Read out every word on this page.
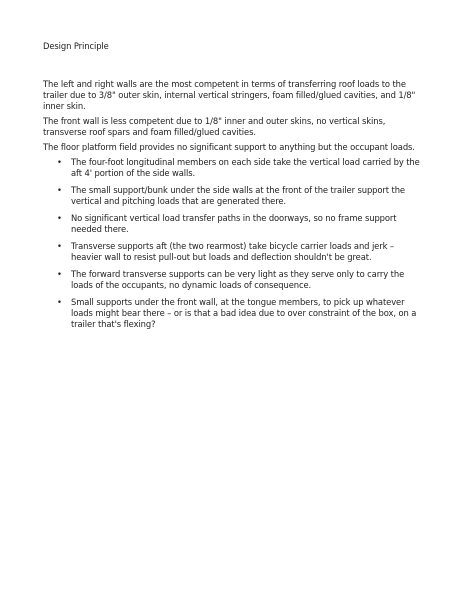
Design Principle

The left and right walls are the most competent in terms of transferring roof loads to the trailer due to 3/8" outer skin, internal vertical stringers, foam filled/glued cavities, and 1/8" inner skin.

The front wall is less competent due to 1/8" inner and outer skins, no vertical skins, transverse roof spars and foam filled/glued cavities.

The floor platform field provides no significant support to anything but the occupant loads.

• The four-foot longitudinal members on each side take the vertical load carried by the aft 4' portion of the side walls.
• The small support/bunk under the side walls at the front of the trailer support the vertical and pitching loads that are generated there.
• No significant vertical load transfer paths in the doorways, so no frame support needed there.
• Transverse supports aft (the two rearmost) take bicycle carrier loads and jerk – heavier wall to resist pull-out but loads and deflection shouldn't be great.
• The forward transverse supports can be very light as they serve only to carry the loads of the occupants, no dynamic loads of consequence.
• Small supports under the front wall, at the tongue members, to pick up whatever loads might bear there – or is that a bad idea due to over constraint of the box, on a trailer that's flexing?
